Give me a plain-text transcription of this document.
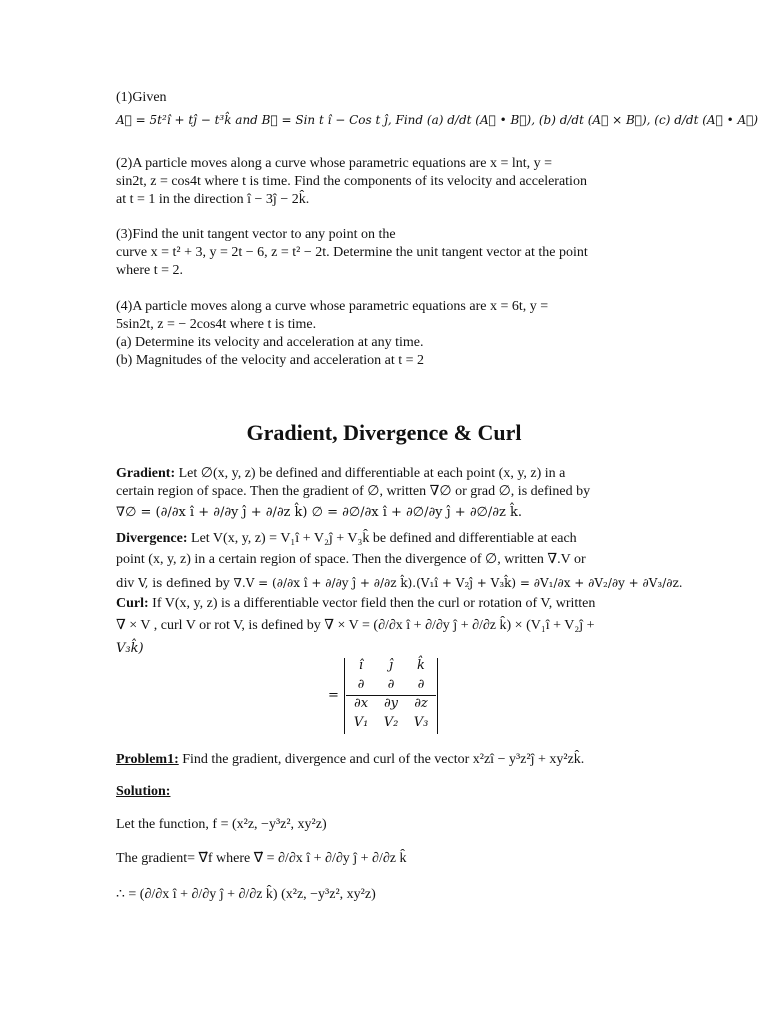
(1)Given
A⃗ = 5t²î + tĵ − t³k̂ and B⃗ = Sin t î − Cos t ĵ, Find (a) d/dt (A⃗ • B⃗), (b) d/dt (A⃗ × B⃗), (c) d/dt (A⃗ • A⃗)
(2)A particle moves along a curve whose parametric equations are x = lnt, y =
sin2t, z = cos4t where t is time. Find the components of its velocity and acceleration
at t = 1 in the direction î − 3ĵ − 2k̂.
(3)Find the unit tangent vector to any point on the
curve x = t² + 3, y = 2t − 6, z = t² − 2t. Determine the unit tangent vector at the point
where t = 2.
(4)A particle moves along a curve whose parametric equations are x = 6t, y =
5sin2t, z = − 2cos4t where t is time.
(a) Determine its velocity and acceleration at any time.
(b) Magnitudes of the velocity and acceleration at t = 2
Gradient, Divergence & Curl
Gradient: Let ∅(x, y, z) be defined and differentiable at each point (x, y, z) in a
certain region of space. Then the gradient of ∅, written ∇∅ or grad ∅, is defined by
∇∅ = (∂/∂x î + ∂/∂y ĵ + ∂/∂z k̂) ∅ = ∂∅/∂x î + ∂∅/∂y ĵ + ∂∅/∂z k̂.
Divergence: Let V(x, y, z) = V₁î + V₂ĵ + V₃k̂ be defined and differentiable at each
point (x, y, z) in a certain region of space. Then the divergence of ∅, written ∇.V or
div V, is defined by ∇.V = (∂/∂x î + ∂/∂y ĵ + ∂/∂z k̂).(V₁î + V₂ĵ + V₃k̂) = ∂V₁/∂x + ∂V₂/∂y + ∂V₃/∂z.
Curl: If V(x, y, z) is a differentiable vector field then the curl or rotation of V, written
∇ × V , curl V or rot V, is defined by ∇ × V = (∂/∂x î + ∂/∂y ĵ + ∂/∂z k̂) × (V₁î + V₂ĵ +
V₃k̂)
=
î	ĵ	k̂
∂	∂	∂
∂x	∂y	∂z
V₁	V₂	V₃
Problem1: Find the gradient, divergence and curl of the vector x²zî − y³z²ĵ + xy²zk̂.
Solution:
Let the function, f = (x²z, −y³z², xy²z)
The gradient= ∇⃗f where ∇⃗ = ∂/∂x î + ∂/∂y ĵ + ∂/∂z k̂
∴ = (∂/∂x î + ∂/∂y ĵ + ∂/∂z k̂) (x²z, −y³z², xy²z)
